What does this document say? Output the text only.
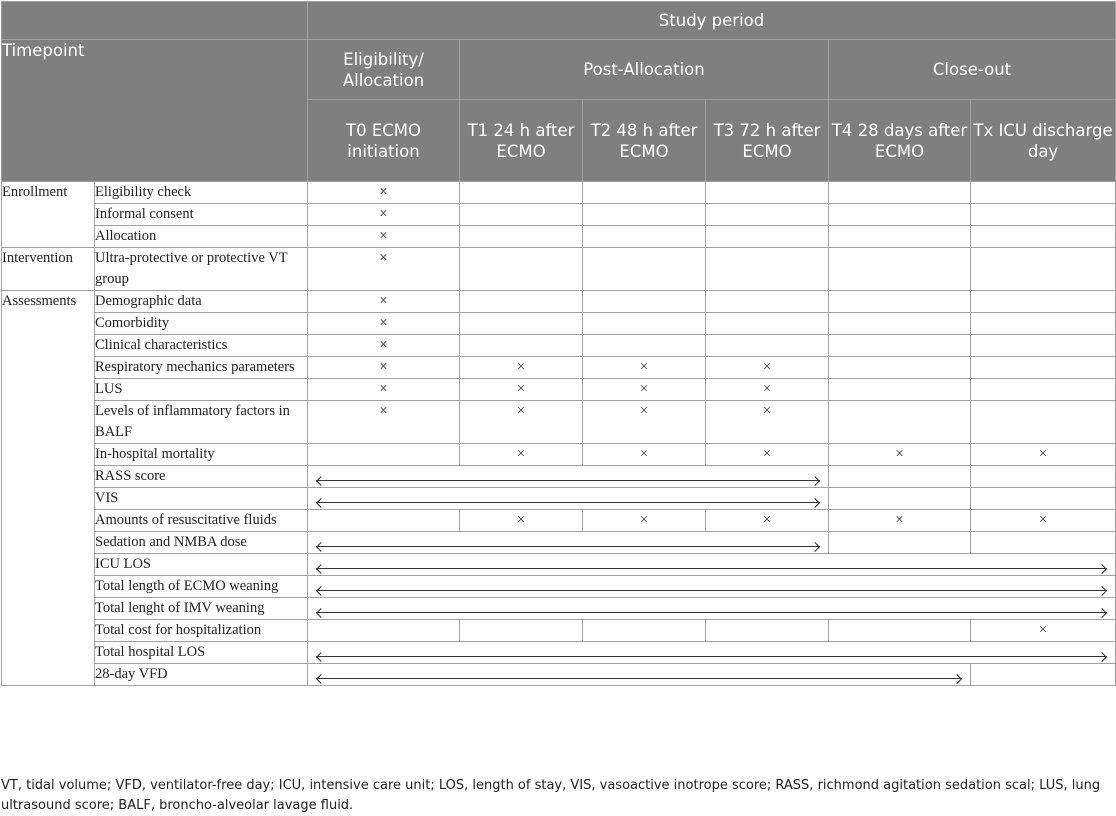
		Study period					
Timepoint		Eligibility/ Allocation	Post-Allocation			Close-out	
		T0 ECMO initiation	T1 24 h after ECMO	T2 48 h after ECMO	T3 72 h after ECMO	T4 28 days after ECMO	Tx ICU discharge day
Enrollment	Eligibility check	×					
	Informal consent	×					
	Allocation	×					
Intervention	Ultra-protective or protective VT group	×					
Assessments	Demographic data	×					
	Comorbidity	×					
	Clinical characteristics	×					
	Respiratory mechanics parameters	×	×	×	×		
	LUS	×	×	×	×		
	Levels of inflammatory factors in BALF	×	×	×	×		
	In-hospital mortality		×	×	×	×	×
	RASS score				

	VIS				

	Amounts of resuscitative fluids		×	×	×	×	×
	Sedation and NMBA dose				

	ICU LOS						

	Total length of ECMO weaning						

	Total lenght of IMV weaning						

	Total cost for hospitalization						×
	Total hospital LOS						

	28-day VFD					

VT, tidal volume; VFD, ventilator-free day; ICU, intensive care unit; LOS, length of stay, VIS, vasoactive inotrope score; RASS, richmond agitation sedation scal; LUS, lung ultrasound score; BALF, broncho-alveolar lavage fluid.
